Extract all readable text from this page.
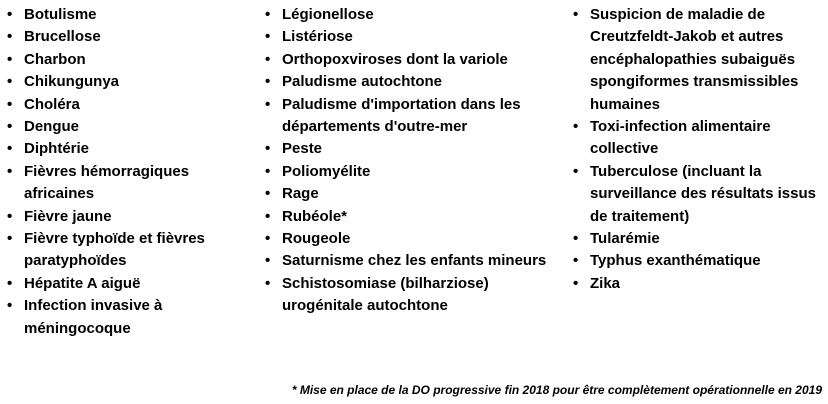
• Botulisme
• Brucellose
• Charbon
• Chikungunya
• Choléra
• Dengue
• Diphtérie
• Fièvres hémorragiques africaines
• Fièvre jaune
• Fièvre typhoïde et fièvres paratyphoïdes
• Hépatite A aiguë
• Infection invasive à méningocoque
• Légionellose
• Listériose
• Orthopoxviroses dont la variole
• Paludisme autochtone
• Paludisme d'importation dans les départements d'outre-mer
• Peste
• Poliomyélite
• Rage
• Rubéole*
• Rougeole
• Saturnisme chez les enfants mineurs
• Schistosomiase (bilharziose) urogénitale autochtone
• Suspicion de maladie de Creutzfeldt-Jakob et autres encéphalopathies subaiguës spongiformes transmissibles humaines
• Toxi-infection alimentaire collective
• Tuberculose (incluant la surveillance des résultats issus de traitement)
• Tularémie
• Typhus exanthématique
• Zika

* Mise en place de la DO progressive fin 2018 pour être complètement opérationnelle en 2019
